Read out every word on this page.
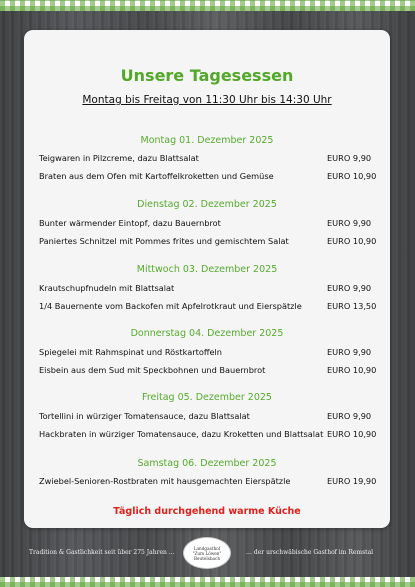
Unsere Tagesessen
Montag bis Freitag von 11:30 Uhr bis 14:30 Uhr
Montag 01. Dezember 2025
Teigwaren in Pilzcreme, dazu Blattsalat	EURO 9,90
Braten aus dem Ofen mit Kartoffelkroketten und Gemüse	EURO 10,90
Dienstag 02. Dezember 2025
Bunter wärmender Eintopf, dazu Bauernbrot	EURO 9,90
Paniertes Schnitzel mit Pommes frites und gemischtem Salat	EURO 10,90
Mittwoch 03. Dezember 2025
Krautschupfnudeln mit Blattsalat	EURO 9,90
1/4 Bauernente vom Backofen mit Apfelrotkraut und Eierspätzle	EURO 13,50
Donnerstag 04. Dezember 2025
Spiegelei mit Rahmspinat und Röstkartoffeln	EURO 9,90
Eisbein aus dem Sud mit Speckbohnen und Bauernbrot	EURO 10,90
Freitag 05. Dezember 2025
Tortellini in würziger Tomatensauce, dazu Blattsalat	EURO 9,90
Hackbraten in würziger Tomatensauce, dazu Kroketten und Blattsalat EURO 10,90
Samstag 06. Dezember 2025
Zwiebel-Senioren-Rostbraten mit hausgemachten Eierspätzle	EURO 19,90
Täglich durchgehend warme Küche
Tradition & Gastlichkeit seit über 275 Jahren …
Landgasthof
"Zum Löwen"
Beutelsbach
… der urschwäbische Gasthof im Remstal
